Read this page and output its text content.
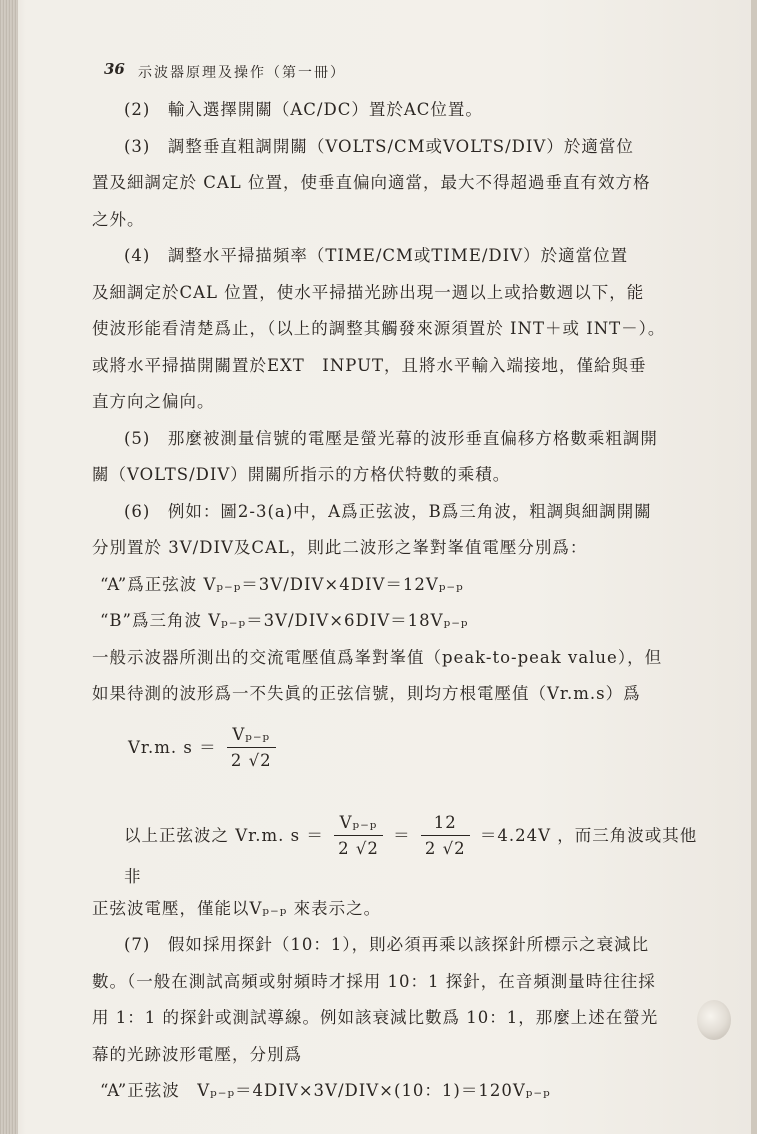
36 示波器原理及操作（第一冊）

(2)　輸入選擇開關（AC/DC）置於AC位置。

(3)　調整垂直粗調開關（VOLTS/CM或VOLTS/DIV）於適當位

置及細調定於 CAL 位置，使垂直偏向適當，最大不得超過垂直有效方格

之外。

(4)　調整水平掃描頻率（TIME/CM或TIME/DIV）於適當位置

及細調定於CAL 位置，使水平掃描光跡出現一週以上或拾數週以下，能

使波形能看清楚爲止，（以上的調整其觸發來源須置於 INT＋或 INT－）。

或將水平掃描開關置於EXT　INPUT，且將水平輸入端接地，僅給與垂

直方向之偏向。

(5)　那麼被測量信號的電壓是螢光幕的波形垂直偏移方格數乘粗調開

關（VOLTS/DIV）開關所指示的方格伏特數的乘積。

(6)　例如：圖2-3(a)中，A爲正弦波，B爲三角波，粗調與細調開關

分別置於 3V/DIV及CAL，則此二波形之峯對峯值電壓分別爲：

“A”爲正弦波 Vₚ₋ₚ＝3V/DIV×4DIV＝12Vₚ₋ₚ

“B”爲三角波 Vₚ₋ₚ＝3V/DIV×6DIV＝18Vₚ₋ₚ

一般示波器所測出的交流電壓值爲峯對峯值（peak-to-peak value），但

如果待測的波形爲一不失眞的正弦信號，則均方根電壓值（Vr.m.s）爲

Vr.m. $s = \frac{\text{Vₚ₋ₚ}}{2 √2}$
以上正弦波之 Vr.m. $s = \frac{\text{Vₚ₋ₚ}}{2 √2} = \frac{12}{2 √2} =4.24V$ ，而三角波或其他非

正弦波電壓，僅能以Vₚ₋ₚ 來表示之。

(7)　假如採用探針（10：1），則必須再乘以該探針所標示之衰減比

數。（一般在測試高頻或射頻時才採用 10：1 探針，在音頻測量時往往採

用 1：1 的探針或測試導線。例如該衰減比數爲 10：1，那麼上述在螢光

幕的光跡波形電壓，分別爲

“A”正弦波　Vₚ₋ₚ＝4DIV×3V/DIV×(10：1)＝120Vₚ₋ₚ
